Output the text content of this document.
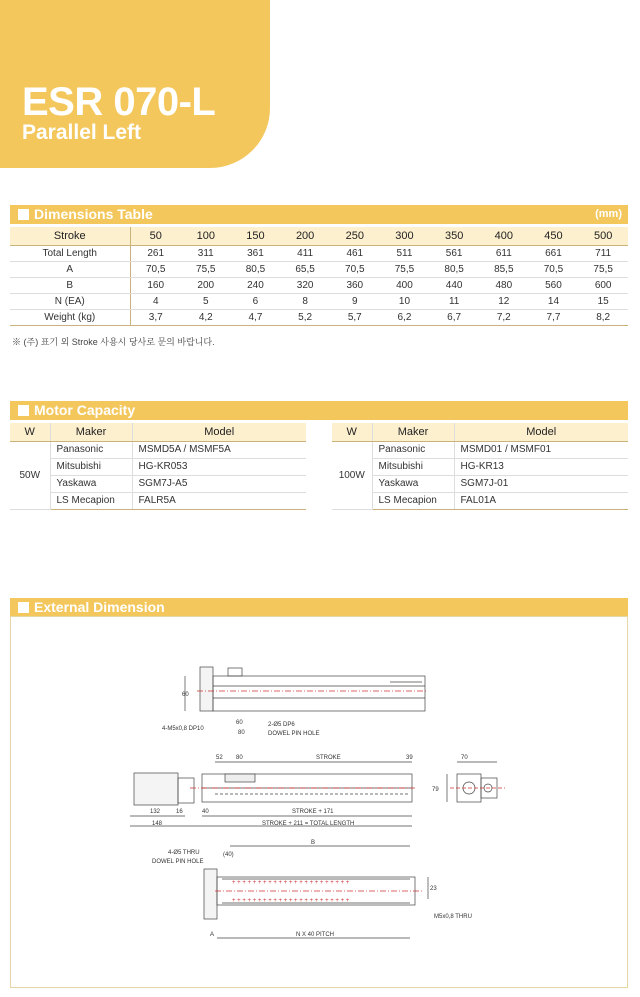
ESR 070-L
Parallel Left
Dimensions Table	(mm)
Stroke	50	100	150	200	250	300	350	400	450	500
Total Length	261	311	361	411	461	511	561	611	661	711
A	70,5	75,5	80,5	65,5	70,5	75,5	80,5	85,5	70,5	75,5
B	160	200	240	320	360	400	440	480	560	600
N (EA)	4	5	6	8	9	10	11	12	14	15
Weight (kg)	3,7	4,2	4,7	5,2	5,7	6,2	6,7	7,2	7,7	8,2
※ (주) 표기 외 Stroke 사용시 당사로 문의 바랍니다.
Motor Capacity
W	Maker	Model
50W	Panasonic	MSMD5A / MSMF5A
	Mitsubishi	HG-KR053
	Yaskawa	SGM7J-A5
	LS Mecapion	FALR5A
W	Maker	Model
100W	Panasonic	MSMD01 / MSMF01
	Mitsubishi	HG-KR13
	Yaskawa	SGM7J-01
	LS Mecapion	FAL01A
External Dimension
+ + + + + + + + + + + + + + + + + + + + + + +
+ + + + + + + + + + + + + + + + + + + + + + +
60
4-M5x0,8 DP10
60
80
2-Ø5 DP6
DOWEL PIN HOLE
52 80	STROKE	39	70
79
132	16	40	STROKE + 171
148	STROKE + 211 = TOTAL LENGTH
B
4-Ø5 THRU
DOWEL PIN HOLE
(40)
23
M5x0,8 THRU
A	N X 40 PITCH
